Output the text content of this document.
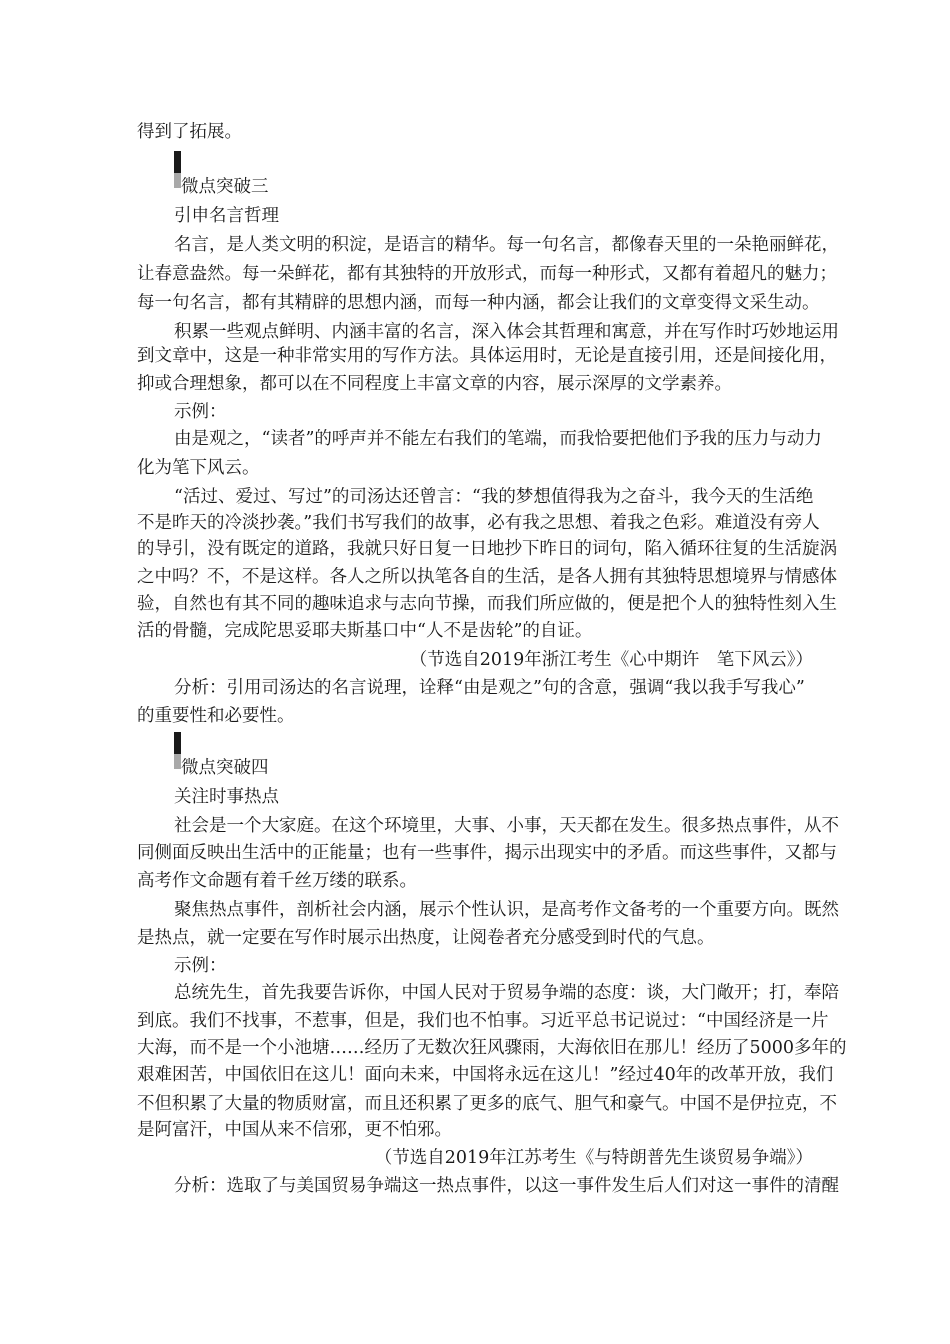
得到了拓展。
微点突破三
引申名言哲理
名言，是人类文明的积淀，是语言的精华。每一句名言，都像春天里的一朵艳丽鲜花，
让春意盎然。每一朵鲜花，都有其独特的开放形式，而每一种形式，又都有着超凡的魅力；
每一句名言，都有其精辟的思想内涵，而每一种内涵，都会让我们的文章变得文采生动。
积累一些观点鲜明、内涵丰富的名言，深入体会其哲理和寓意，并在写作时巧妙地运用
到文章中，这是一种非常实用的写作方法。具体运用时，无论是直接引用，还是间接化用，
抑或合理想象，都可以在不同程度上丰富文章的内容，展示深厚的文学素养。
示例：
由是观之，“读者”的呼声并不能左右我们的笔端，而我恰要把他们予我的压力与动力
化为笔下风云。
“活过、爱过、写过”的司汤达还曾言：“我的梦想值得我为之奋斗，我今天的生活绝
不是昨天的冷淡抄袭。”我们书写我们的故事，必有我之思想、着我之色彩。难道没有旁人
的导引，没有既定的道路，我就只好日复一日地抄下昨日的词句，陷入循环往复的生活旋涡
之中吗？不，不是这样。各人之所以执笔各自的生活，是各人拥有其独特思想境界与情感体
验，自然也有其不同的趣味追求与志向节操，而我们所应做的，便是把个人的独特性刻入生
活的骨髓，完成陀思妥耶夫斯基口中“人不是齿轮”的自证。
（节选自2019年浙江考生《心中期许　笔下风云》）
分析：引用司汤达的名言说理，诠释“由是观之”句的含意，强调“我以我手写我心”
的重要性和必要性。
微点突破四
关注时事热点
社会是一个大家庭。在这个环境里，大事、小事，天天都在发生。很多热点事件，从不
同侧面反映出生活中的正能量；也有一些事件，揭示出现实中的矛盾。而这些事件，又都与
高考作文命题有着千丝万缕的联系。
聚焦热点事件，剖析社会内涵，展示个性认识，是高考作文备考的一个重要方向。既然
是热点，就一定要在写作时展示出热度，让阅卷者充分感受到时代的气息。
示例：
总统先生，首先我要告诉你，中国人民对于贸易争端的态度：谈，大门敞开；打，奉陪
到底。我们不找事，不惹事，但是，我们也不怕事。习近平总书记说过：“中国经济是一片
大海，而不是一个小池塘……经历了无数次狂风骤雨，大海依旧在那儿！经历了5000多年的
艰难困苦，中国依旧在这儿！面向未来，中国将永远在这儿！”经过40年的改革开放，我们
不但积累了大量的物质财富，而且还积累了更多的底气、胆气和豪气。中国不是伊拉克，不
是阿富汗，中国从来不信邪，更不怕邪。
（节选自2019年江苏考生《与特朗普先生谈贸易争端》）
分析：选取了与美国贸易争端这一热点事件，以这一事件发生后人们对这一事件的清醒
